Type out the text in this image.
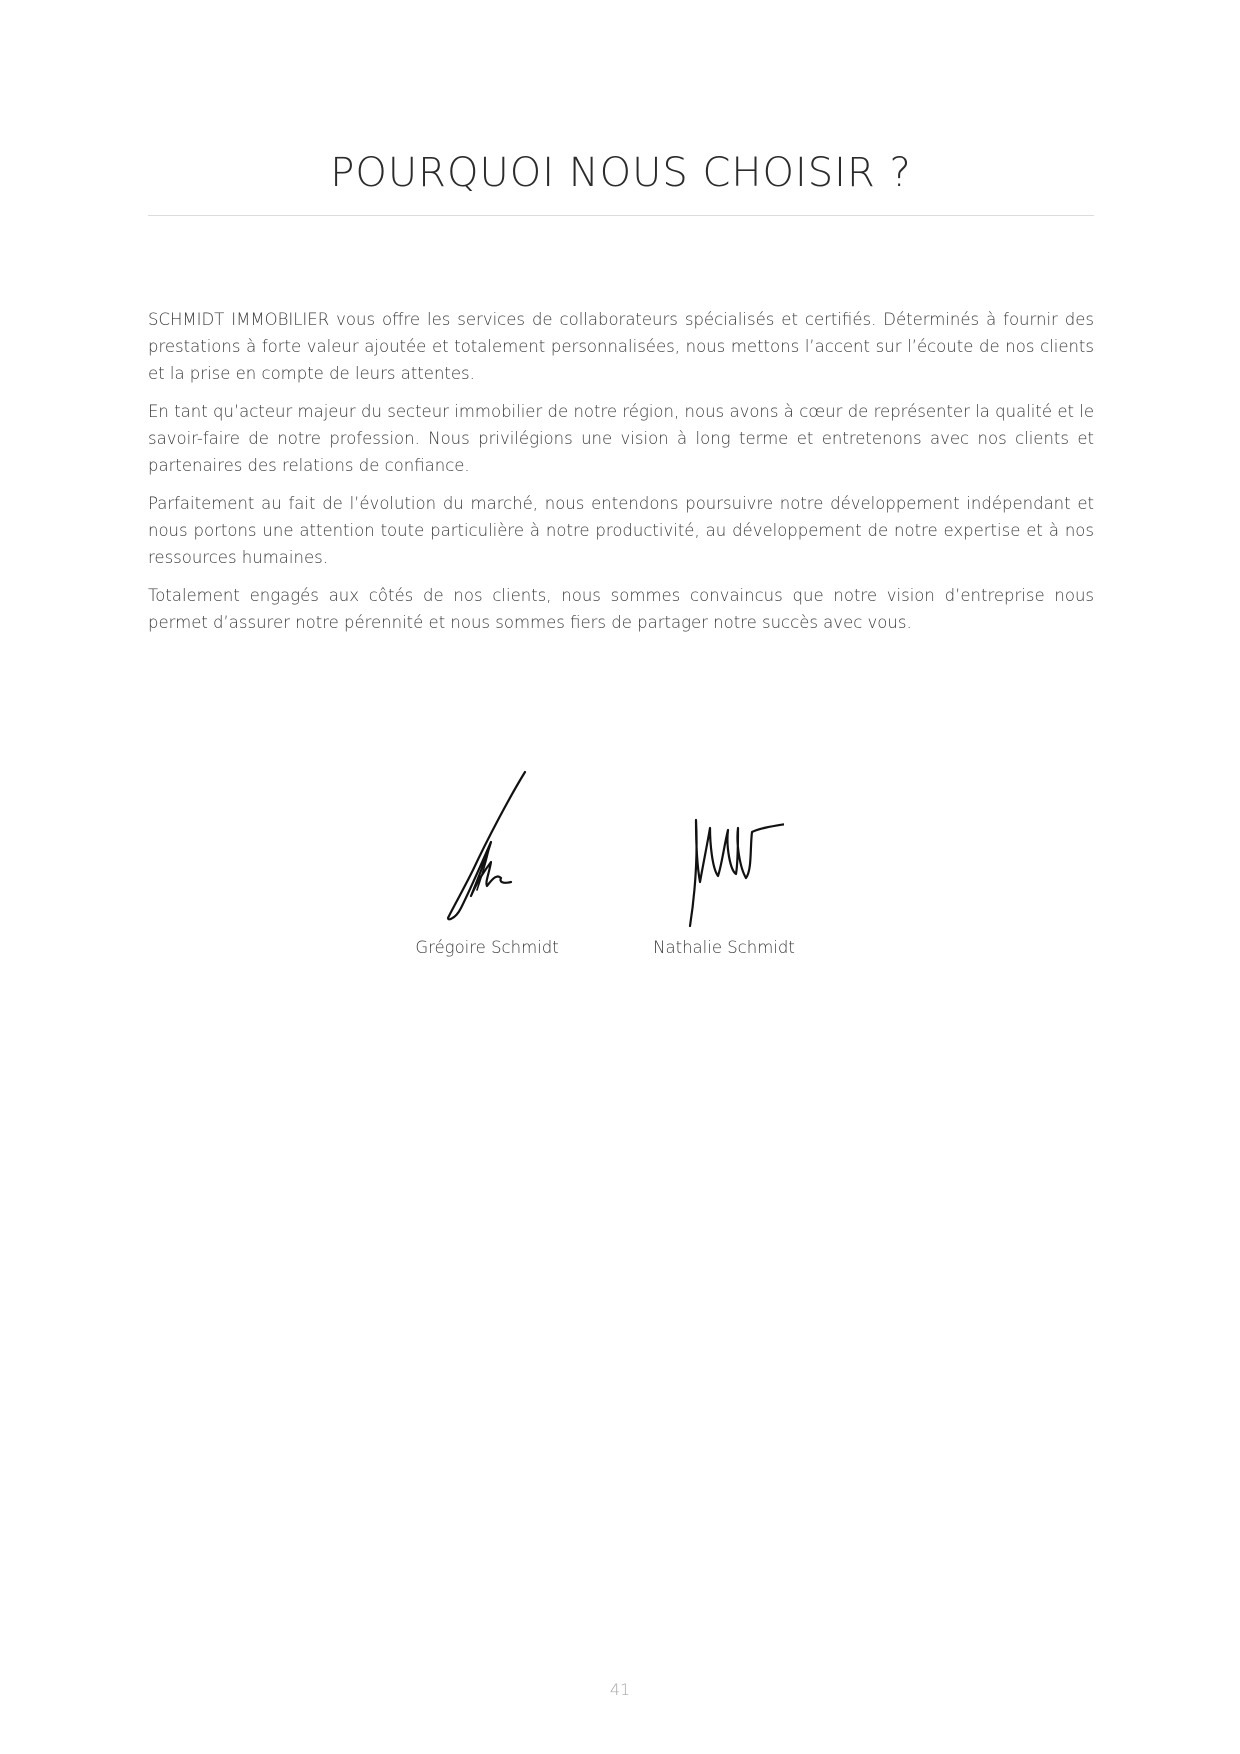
POURQUOI NOUS CHOISIR ?

SCHMIDT IMMOBILIER vous offre les services de collaborateurs spécialisés et certifiés. Déterminés à fournir des prestations à forte valeur ajoutée et totalement personnalisées, nous mettons l’accent sur l’écoute de nos clients et la prise en compte de leurs attentes.

En tant qu’acteur majeur du secteur immobilier de notre région, nous avons à cœur de représenter la qualité et le savoir-faire de notre profession. Nous privilégions une vision à long terme et entretenons avec nos clients et partenaires des relations de confiance.

Parfaitement au fait de l’évolution du marché, nous entendons poursuivre notre développement indépendant et nous portons une attention toute particulière à notre productivité, au développement de notre expertise et à nos ressources humaines.

Totalement engagés aux côtés de nos clients, nous sommes convaincus que notre vision d’entreprise nous permet d’assurer notre pérennité et nous sommes fiers de partager notre succès avec vous.

Grégoire Schmidt	Nathalie Schmidt
41
